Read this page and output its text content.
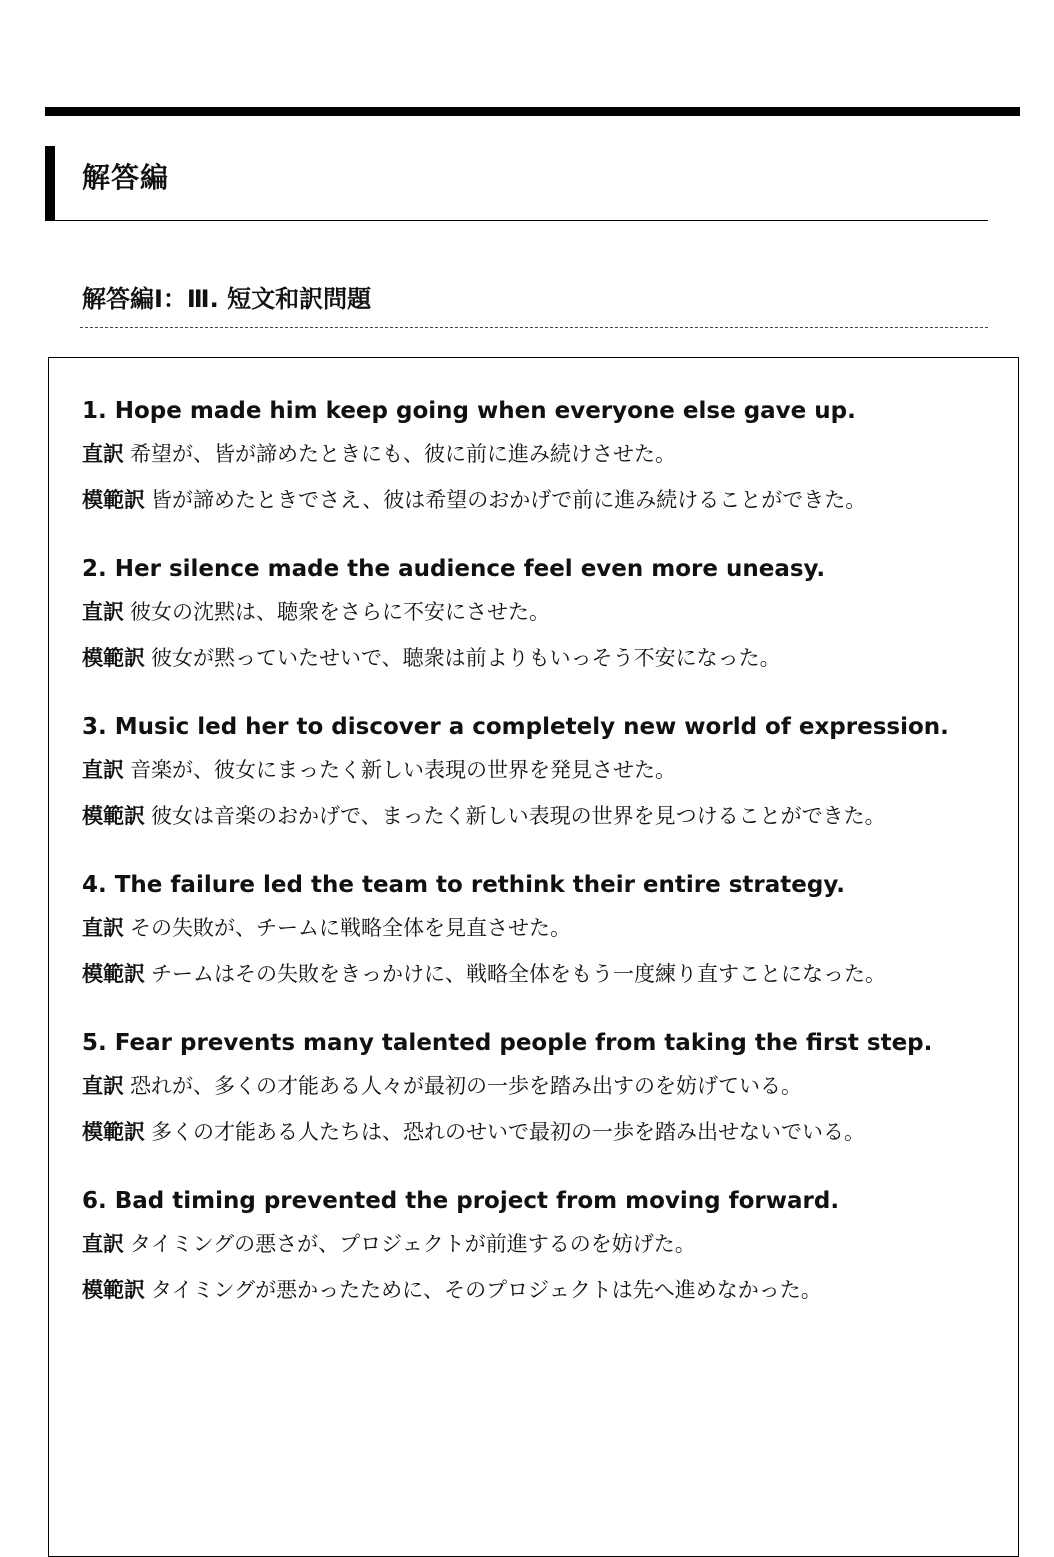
解答編
解答編Ⅰ：Ⅲ. 短文和訳問題
1. Hope made him keep going when everyone else gave up.
直訳 希望が、皆が諦めたときにも、彼に前に進み続けさせた。
模範訳 皆が諦めたときでさえ、彼は希望のおかげで前に進み続けることができた。
2. Her silence made the audience feel even more uneasy.
直訳 彼女の沈黙は、聴衆をさらに不安にさせた。
模範訳 彼女が黙っていたせいで、聴衆は前よりもいっそう不安になった。
3. Music led her to discover a completely new world of expression.
直訳 音楽が、彼女にまったく新しい表現の世界を発見させた。
模範訳 彼女は音楽のおかげで、まったく新しい表現の世界を見つけることができた。
4. The failure led the team to rethink their entire strategy.
直訳 その失敗が、チームに戦略全体を見直させた。
模範訳 チームはその失敗をきっかけに、戦略全体をもう一度練り直すことになった。
5. Fear prevents many talented people from taking the first step.
直訳 恐れが、多くの才能ある人々が最初の一歩を踏み出すのを妨げている。
模範訳 多くの才能ある人たちは、恐れのせいで最初の一歩を踏み出せないでいる。
6. Bad timing prevented the project from moving forward.
直訳 タイミングの悪さが、プロジェクトが前進するのを妨げた。
模範訳 タイミングが悪かったために、そのプロジェクトは先へ進めなかった。
